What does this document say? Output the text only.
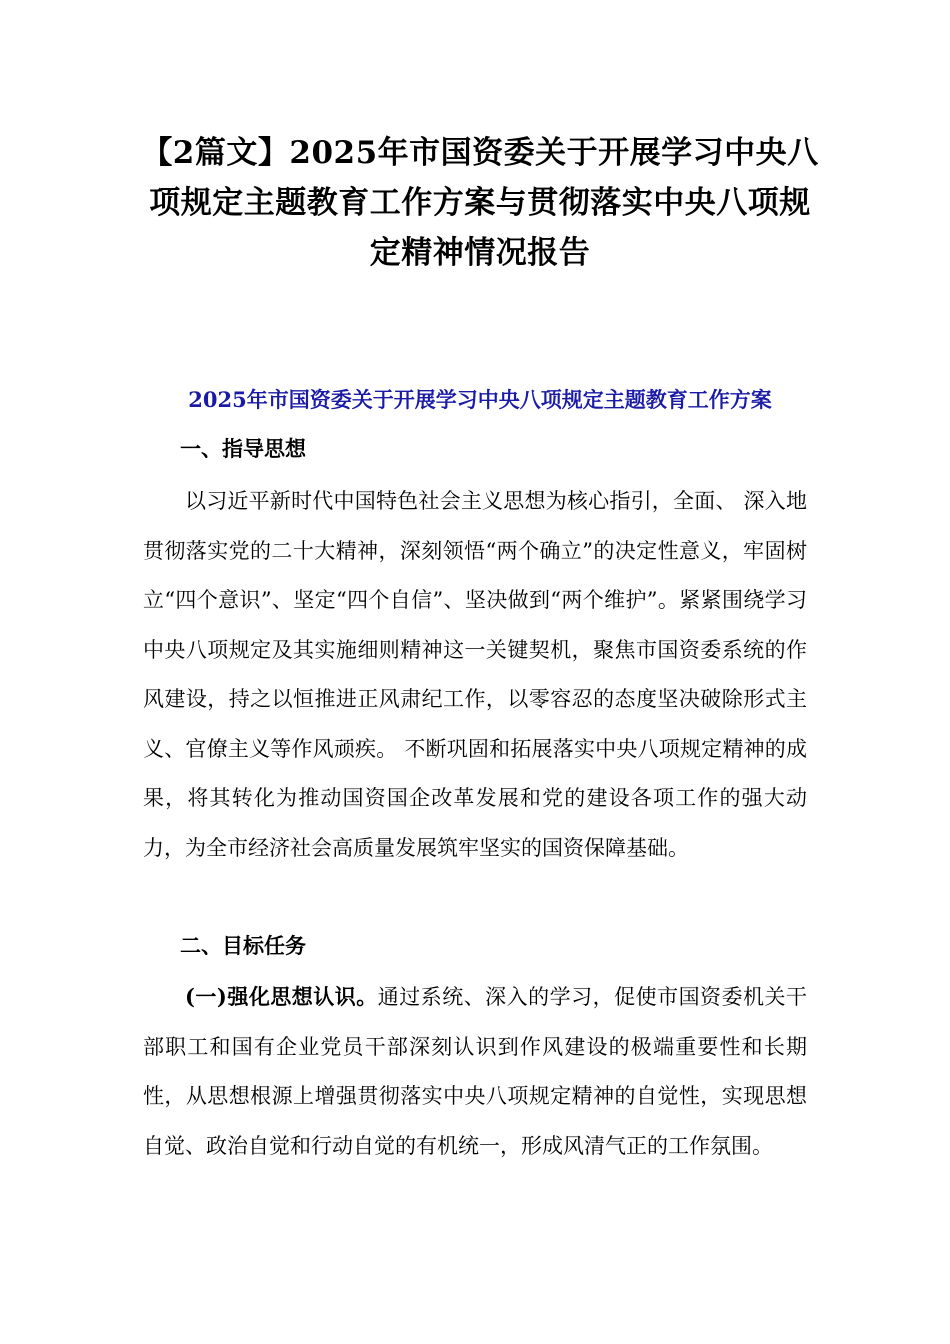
【2篇文】2025年市国资委关于开展学习中央八项规定主题教育工作方案与贯彻落实中央八项规定精神情况报告
2025年市国资委关于开展学习中央八项规定主题教育工作方案
一、指导思想

以习近平新时代中国特色社会主义思想为核心指引，全面、 深入地贯彻落实党的二十大精神，深刻领悟“两个确立”的决定性意义，牢固树立“四个意识”、坚定“四个自信”、坚决做到“两个维护”。紧紧围绕学习中央八项规定及其实施细则精神这一关键契机，聚焦市国资委系统的作风建设，持之以恒推进正风肃纪工作，以零容忍的态度坚决破除形式主义、官僚主义等作风顽疾。 不断巩固和拓展落实中央八项规定精神的成果，将其转化为推动国资国企改革发展和党的建设各项工作的强大动力，为全市经济社会高质量发展筑牢坚实的国资保障基础。

二、目标任务

(一)强化思想认识。通过系统、深入的学习，促使市国资委机关干部职工和国有企业党员干部深刻认识到作风建设的极端重要性和长期性，从思想根源上增强贯彻落实中央八项规定精神的自觉性，实现思想自觉、政治自觉和行动自觉的有机统一，形成风清气正的工作氛围。
